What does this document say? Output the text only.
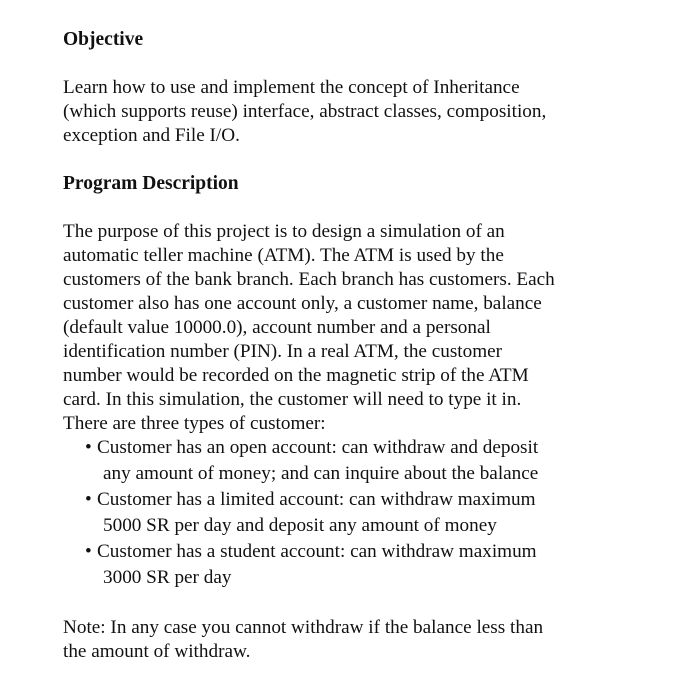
Objective

Learn how to use and implement the concept of Inheritance
(which supports reuse) interface, abstract classes, composition,
exception and File I/O.

Program Description

The purpose of this project is to design a simulation of an
automatic teller machine (ATM). The ATM is used by the
customers of the bank branch. Each branch has customers. Each
customer also has one account only, a customer name, balance
(default value 10000.0), account number and a personal
identification number (PIN). In a real ATM, the customer
number would be recorded on the magnetic strip of the ATM
card. In this simulation, the customer will need to type it in.
There are three types of customer:

• Customer has an open account: can withdraw and deposit
any amount of money; and can inquire about the balance
• Customer has a limited account: can withdraw maximum
5000 SR per day and deposit any amount of money
• Customer has a student account: can withdraw maximum
3000 SR per day

Note: In any case you cannot withdraw if the balance less than
the amount of withdraw.
